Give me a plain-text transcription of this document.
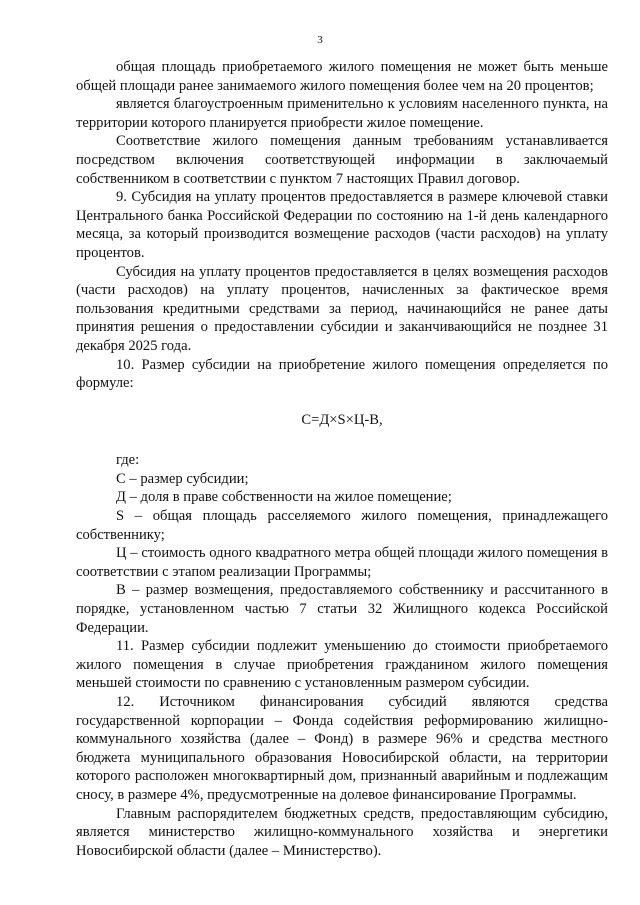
3

общая площадь приобретаемого жилого помещения не может быть меньше общей площади ранее занимаемого жилого помещения более чем на 20 процентов;

является благоустроенным применительно к условиям населенного пункта, на территории которого планируется приобрести жилое помещение.

Соответствие жилого помещения данным требованиям устанавливается посредством включения соответствующей информации в заключаемый собственником в соответствии с пунктом 7 настоящих Правил договор.

9. Субсидия на уплату процентов предоставляется в размере ключевой ставки Центрального банка Российской Федерации по состоянию на 1-й день календарного месяца, за который производится возмещение расходов (части расходов) на уплату процентов.

Субсидия на уплату процентов предоставляется в целях возмещения расходов (части расходов) на уплату процентов, начисленных за фактическое время пользования кредитными средствами за период, начинающийся не ранее даты принятия решения о предоставлении субсидии и заканчивающийся не позднее 31 декабря 2025 года.

10. Размер субсидии на приобретение жилого помещения определяется по формуле:

С=Д×S×Ц-В,

где:

С – размер субсидии;

Д – доля в праве собственности на жилое помещение;

S – общая площадь расселяемого жилого помещения, принадлежащего собственнику;

Ц – стоимость одного квадратного метра общей площади жилого помещения в соответствии с этапом реализации Программы;

В – размер возмещения, предоставляемого собственнику и рассчитанного в порядке, установленном частью 7 статьи 32 Жилищного кодекса Российской Федерации.

11. Размер субсидии подлежит уменьшению до стоимости приобретаемого жилого помещения в случае приобретения гражданином жилого помещения меньшей стоимости по сравнению с установленным размером субсидии.

12. Источником финансирования субсидий являются средства государственной корпорации – Фонда содействия реформированию жилищно-коммунального хозяйства (далее – Фонд) в размере 96% и средства местного бюджета муниципального образования Новосибирской области, на территории которого расположен многоквартирный дом, признанный аварийным и подлежащим сносу, в размере 4%, предусмотренные на долевое финансирование Программы.

Главным распорядителем бюджетных средств, предоставляющим субсидию, является министерство жилищно-коммунального хозяйства и энергетики Новосибирской области (далее – Министерство).
